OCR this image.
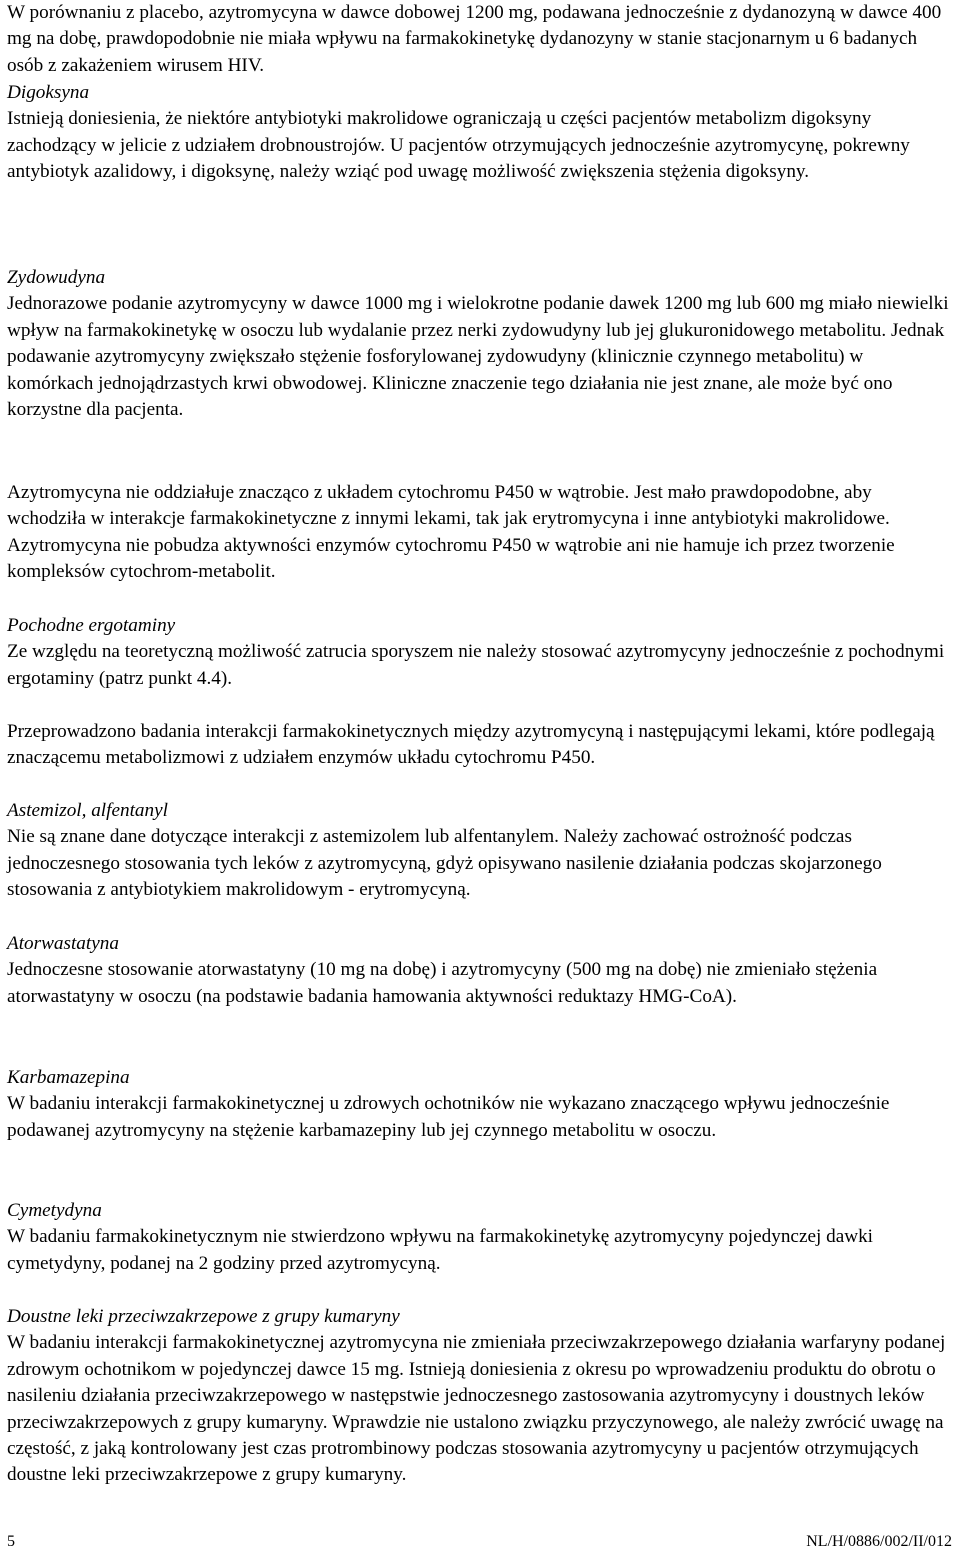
W porównaniu z placebo, azytromycyna w dawce dobowej 1200 mg, podawana jednocześnie z dydanozyną w dawce 400 mg na dobę, prawdopodobnie nie miała wpływu na farmakokinetykę dydanozyny w stanie stacjonarnym u 6 badanych osób z zakażeniem wirusem HIV.
Digoksyna
Istnieją doniesienia, że niektóre antybiotyki makrolidowe ograniczają u części pacjentów metabolizm digoksyny zachodzący w jelicie z udziałem drobnoustrojów. U pacjentów otrzymujących jednocześnie azytromycynę, pokrewny antybiotyk azalidowy, i digoksynę, należy wziąć pod uwagę możliwość zwiększenia stężenia digoksyny.
Zydowudyna
Jednorazowe podanie azytromycyny w dawce 1000 mg i wielokrotne podanie dawek 1200 mg lub 600 mg miało niewielki wpływ na farmakokinetykę w osoczu lub wydalanie przez nerki zydowudyny lub jej glukuronidowego metabolitu. Jednak podawanie azytromycyny zwiększało stężenie fosforylowanej zydowudyny (klinicznie czynnego metabolitu) w komórkach jednojądrzastych krwi obwodowej. Kliniczne znaczenie tego działania nie jest znane, ale może być ono korzystne dla pacjenta.
Azytromycyna nie oddziałuje znacząco z układem cytochromu P450 w wątrobie. Jest mało prawdopodobne, aby wchodziła w interakcje farmakokinetyczne z innymi lekami, tak jak erytromycyna i inne antybiotyki makrolidowe. Azytromycyna nie pobudza aktywności enzymów cytochromu P450 w wątrobie ani nie hamuje ich przez tworzenie kompleksów cytochrom-metabolit.
Pochodne ergotaminy
Ze względu na teoretyczną możliwość zatrucia sporyszem nie należy stosować azytromycyny jednocześnie z pochodnymi ergotaminy (patrz punkt 4.4).
Przeprowadzono badania interakcji farmakokinetycznych między azytromycyną i następującymi lekami, które podlegają znaczącemu metabolizmowi z udziałem enzymów układu cytochromu P450.
Astemizol, alfentanyl
Nie są znane dane dotyczące interakcji z astemizolem lub alfentanylem. Należy zachować ostrożność podczas jednoczesnego stosowania tych leków z azytromycyną, gdyż opisywano nasilenie działania podczas skojarzonego stosowania z antybiotykiem makrolidowym - erytromycyną.
Atorwastatyna
Jednoczesne stosowanie atorwastatyny (10 mg na dobę) i azytromycyny (500 mg na dobę) nie zmieniało stężenia atorwastatyny w osoczu (na podstawie badania hamowania aktywności reduktazy HMG-CoA).
Karbamazepina
W badaniu interakcji farmakokinetycznej u zdrowych ochotników nie wykazano znaczącego wpływu jednocześnie podawanej azytromycyny na stężenie karbamazepiny lub jej czynnego metabolitu w osoczu.
Cymetydyna
W badaniu farmakokinetycznym nie stwierdzono wpływu na farmakokinetykę azytromycyny pojedynczej dawki cymetydyny, podanej na 2 godziny przed azytromycyną.
Doustne leki przeciwzakrzepowe z grupy kumaryny
W badaniu interakcji farmakokinetycznej azytromycyna nie zmieniała przeciwzakrzepowego działania warfaryny podanej zdrowym ochotnikom w pojedynczej dawce 15 mg. Istnieją doniesienia z okresu po wprowadzeniu produktu do obrotu o nasileniu działania przeciwzakrzepowego w następstwie jednoczesnego zastosowania azytromycyny i doustnych leków przeciwzakrzepowych z grupy kumaryny. Wprawdzie nie ustalono związku przyczynowego, ale należy zwrócić uwagę na częstość, z jaką kontrolowany jest czas protrombinowy podczas stosowania azytromycyny u pacjentów otrzymujących doustne leki przeciwzakrzepowe z grupy kumaryny.
5	NL/H/0886/002/II/012
